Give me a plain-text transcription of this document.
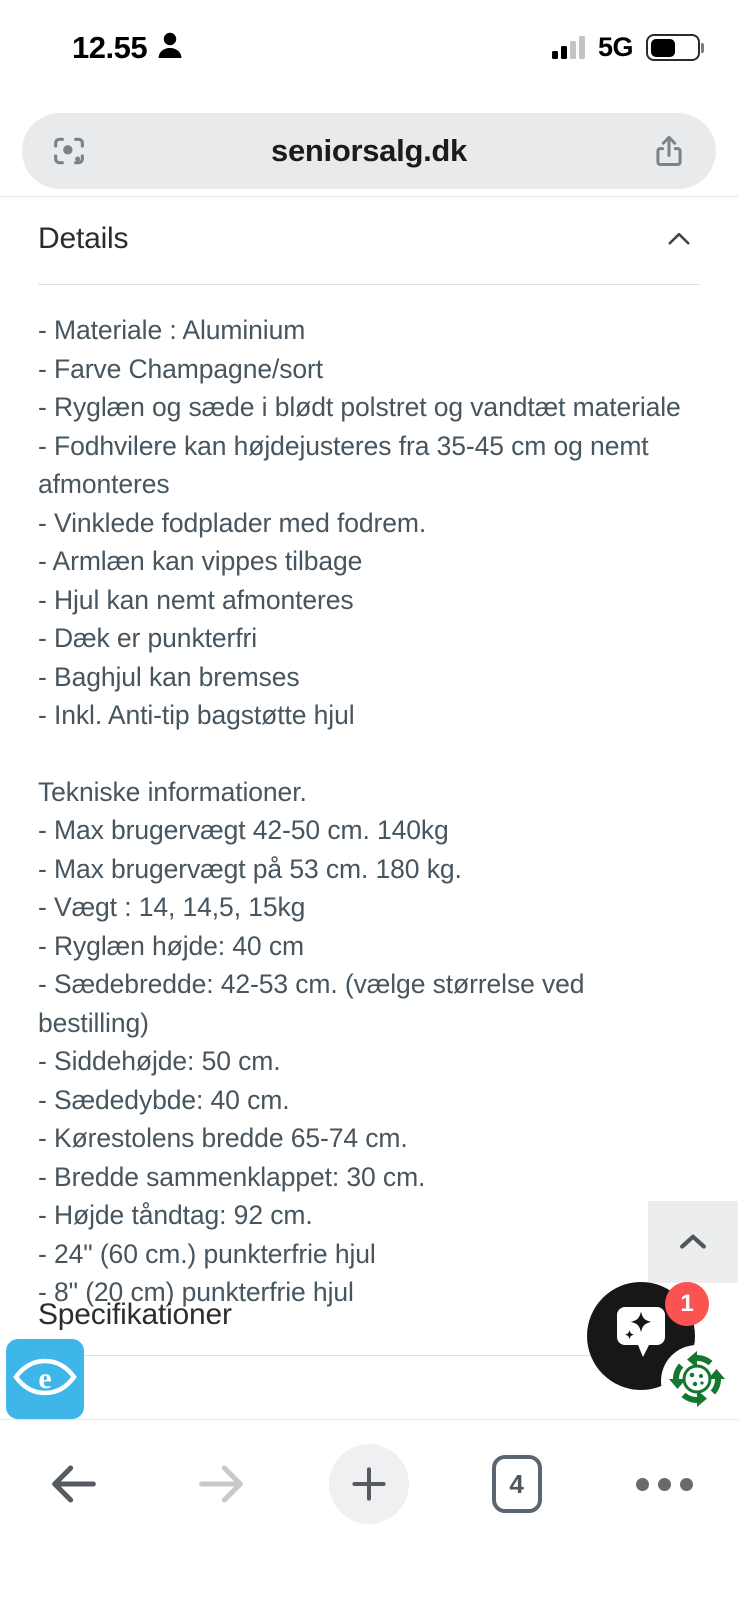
12.55	5G
seniorsalg.dk
Details

- Materiale : Aluminium

- Farve Champagne/sort

- Ryglæn og sæde i blødt polstret og vandtæt materiale

- Fodhvilere kan højdejusteres fra 35-45 cm og nemt afmonteres

- Vinklede fodplader med fodrem.

- Armlæn kan vippes tilbage

- Hjul kan nemt afmonteres

- Dæk er punkterfri

- Baghjul kan bremses

- Inkl. Anti-tip bagstøtte hjul

Tekniske informationer.

- Max brugervægt 42-50 cm. 140kg

- Max brugervægt på 53 cm. 180 kg.

- Vægt : 14, 14,5, 15kg

- Ryglæn højde: 40 cm

- Sædebredde: 42-53 cm. (vælge størrelse ved bestilling)

- Siddehøjde: 50 cm.

- Sædedybde: 40 cm.

- Kørestolens bredde 65-74 cm.

- Bredde sammenklappet: 30 cm.

- Højde tåndtag: 92 cm.

- 24" (60 cm.) punkterfrie hjul

- 8" (20 cm) punkterfrie hjul

Specifikationer
e
1
4
